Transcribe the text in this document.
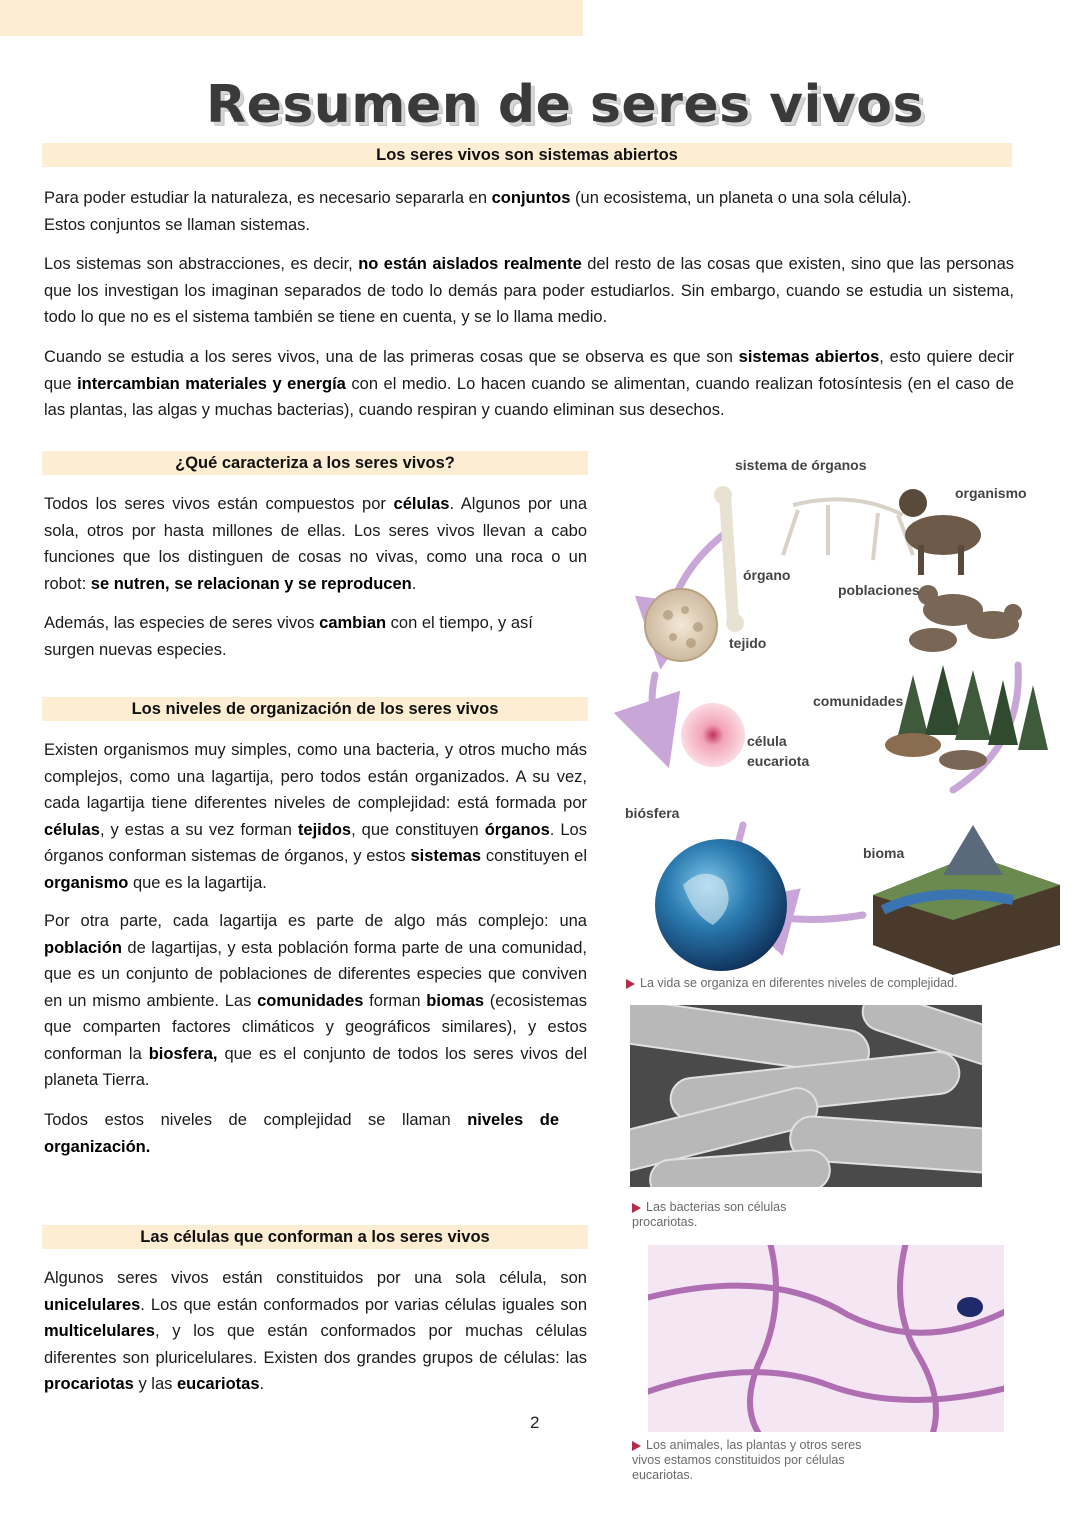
Resumen de seres vivos
Los seres vivos son sistemas abiertos

Para poder estudiar la naturaleza, es necesario separarla en conjuntos (un ecosistema, un planeta o una sola célula).
Estos conjuntos se llaman sistemas.

Los sistemas son abstracciones, es decir, no están aislados realmente del resto de las cosas que existen, sino que las personas que los investigan los imaginan separados de todo lo demás para poder estudiarlos. Sin embargo, cuando se estudia un sistema, todo lo que no es el sistema también se tiene en cuenta, y se lo llama medio.

Cuando se estudia a los seres vivos, una de las primeras cosas que se observa es que son sistemas abiertos, esto quiere decir que intercambian materiales y energía con el medio. Lo hacen cuando se alimentan, cuando realizan fotosíntesis (en el caso de las plantas, las algas y muchas bacterias), cuando respiran y cuando eliminan sus desechos.

¿Qué caracteriza a los seres vivos?

Todos los seres vivos están compuestos por células. Algunos por una sola, otros por hasta millones de ellas. Los seres vivos llevan a cabo funciones que los distinguen de cosas no vivas, como una roca o un robot: se nutren, se relacionan y se reproducen.

Además, las especies de seres vivos cambian con el tiempo, y así surgen nuevas especies.

Los niveles de organización de los seres vivos

Existen organismos muy simples, como una bacteria, y otros mucho más complejos, como una lagartija, pero todos están organizados. A su vez, cada lagartija tiene diferentes niveles de complejidad: está formada por células, y estas a su vez forman tejidos, que constituyen órganos. Los órganos conforman sistemas de órganos, y estos sistemas constituyen el organismo que es la lagartija.

Por otra parte, cada lagartija es parte de algo más complejo: una población de lagartijas, y esta población forma parte de una comunidad, que es un conjunto de poblaciones de diferentes especies que conviven en un mismo ambiente. Las comunidades forman biomas (ecosistemas que comparten factores climáticos y geográficos similares), y estos conforman la biosfera, que es el conjunto de todos los seres vivos del planeta Tierra.

Todos estos niveles de complejidad se llaman niveles de organización.

Las células que conforman a los seres vivos

Algunos seres vivos están constituidos por una sola célula, son unicelulares. Los que están conformados por varias células iguales son multicelulares, y los que están conformados por muchas células diferentes son pluricelulares. Existen dos grandes grupos de células: las procariotas y las eucariotas.

sistema de órganos
organismo
órgano
poblaciones
tejido
comunidades
célula eucariota
biósfera
bioma
La vida se organiza en diferentes niveles de complejidad.
Las bacterias son células procariotas.
Los animales, las plantas y otros seres vivos estamos constituidos por células eucariotas.
2
